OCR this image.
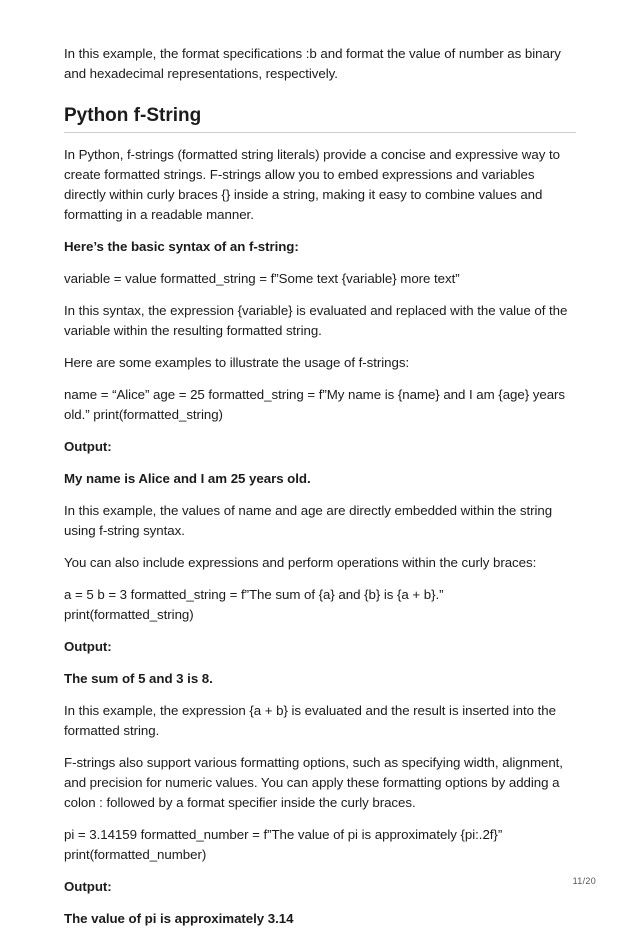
In this example, the format specifications :b and format the value of number as binary and hexadecimal representations, respectively.

Python f-String

In Python, f-strings (formatted string literals) provide a concise and expressive way to create formatted strings. F-strings allow you to embed expressions and variables directly within curly braces {} inside a string, making it easy to combine values and formatting in a readable manner.

Here’s the basic syntax of an f-string:

variable = value formatted_string = f”Some text {variable} more text”

In this syntax, the expression {variable} is evaluated and replaced with the value of the variable within the resulting formatted string.

Here are some examples to illustrate the usage of f-strings:

name = “Alice” age = 25 formatted_string = f”My name is {name} and I am {age} years old.” print(formatted_string)

Output:

My name is Alice and I am 25 years old.

In this example, the values of name and age are directly embedded within the string using f-string syntax.

You can also include expressions and perform operations within the curly braces:

a = 5 b = 3 formatted_string = f”The sum of {a} and {b} is {a + b}.” print(formatted_string)

Output:

The sum of 5 and 3 is 8.

In this example, the expression {a + b} is evaluated and the result is inserted into the formatted string.

F-strings also support various formatting options, such as specifying width, alignment, and precision for numeric values. You can apply these formatting options by adding a colon : followed by a format specifier inside the curly braces.

pi = 3.14159 formatted_number = f”The value of pi is approximately {pi:.2f}” print(formatted_number)

Output:

The value of pi is approximately 3.14

11/20
